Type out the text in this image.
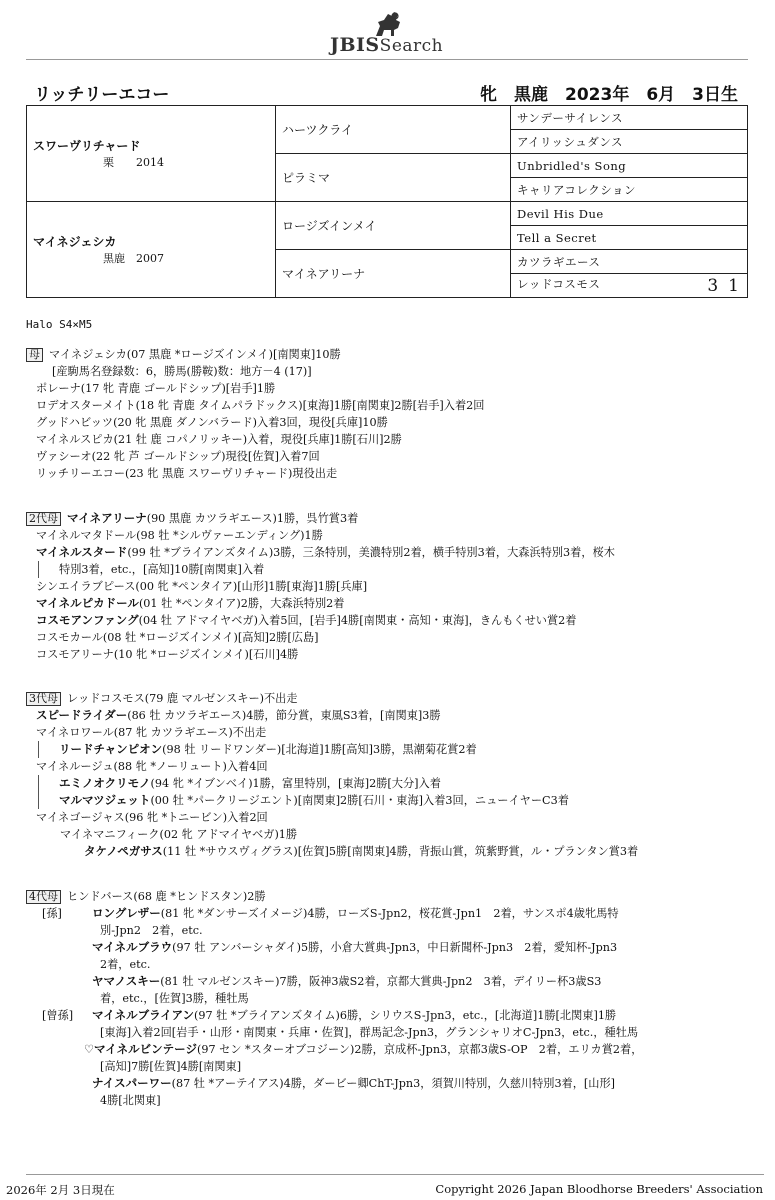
JBISSearch
リッチリーエコー	牝　黒鹿　2023年　6月　3日生
スワーヴリチャード
栗　　2014	ハーツクライ	サンデーサイレンス
		アイリッシュダンス
	ピラミマ	Unbridled's Song
		キャリアコレクション

マイネジェシカ
黒鹿　2007	ロージズインメイ	Devil His Due
		Tell a Secret
	マイネアリーナ	カツラギエース
		レッドコスモス 31
Halo S4×M5
母 マイネジェシカ(07 黒鹿 *ロージズインメイ)[南関東]10勝
[産駒馬名登録数：6，勝馬(勝鞍)数：地方－4 (17)]
ポレーナ(17 牝 青鹿 ゴールドシップ)[岩手]1勝
ロデオスターメイト(18 牝 青鹿 タイムパラドックス)[東海]1勝[南関東]2勝[岩手]入着2回
グッドハビッツ(20 牝 黒鹿 ダノンバラード)入着3回，現役[兵庫]10勝
マイネルスピカ(21 牡 鹿 コパノリッキー)入着，現役[兵庫]1勝[石川]2勝
ヴァシーオ(22 牝 芦 ゴールドシップ)現役[佐賀]入着7回
リッチリーエコー(23 牝 黒鹿 スワーヴリチャード)現役出走
2代母 マイネアリーナ(90 黒鹿 カツラギエース)1勝，呉竹賞3着
マイネルマタドール(98 牡 *シルヴァーエンディング)1勝
マイネルスタード(99 牡 *ブライアンズタイム)3勝，三条特別，美濃特別2着，横手特別3着，大森浜特別3着，桜木
特別3着，etc.，[高知]10勝[南関東]入着
シンエイラブピース(00 牝 *ペンタイア)[山形]1勝[東海]1勝[兵庫]
マイネルピカドール(01 牡 *ペンタイア)2勝，大森浜特別2着
コスモアンファング(04 牡 アドマイヤベガ)入着5回，[岩手]4勝[南関東・高知・東海]，きんもくせい賞2着
コスモカール(08 牡 *ロージズインメイ)[高知]2勝[広島]
コスモアリーナ(10 牝 *ロージズインメイ)[石川]4勝
3代母 レッドコスモス(79 鹿 マルゼンスキー)不出走
スピードライダー(86 牡 カツラギエース)4勝，節分賞，東風S3着，[南関東]3勝
マイネロワール(87 牝 カツラギエース)不出走
リードチャンピオン(98 牡 リードワンダー)[北海道]1勝[高知]3勝，黒潮菊花賞2着
マイネルージュ(88 牝 *ノーリュート)入着4回
エミノオクリモノ(94 牝 *イブンベイ)1勝，富里特別，[東海]2勝[大分]入着
マルマツジェット(00 牡 *パークリージエント)[南関東]2勝[石川・東海]入着3回，ニューイヤーC3着
マイネゴージャス(96 牝 *トニービン)入着2回
マイネマニフィーク(02 牝 アドマイヤベガ)1勝
タケノペガサス(11 牡 *サウスヴィグラス)[佐賀]5勝[南関東]4勝，背振山賞，筑紫野賞，ル・プランタン賞3着
4代母 ヒンドバース(68 鹿 *ヒンドスタン)2勝
[孫]	ロングレザー(81 牝 *ダンサーズイメージ)4勝，ローズS-Jpn2，桜花賞-Jpn1　2着，サンスポ4歳牝馬特
別-Jpn2　2着，etc.
マイネルブラウ(97 牡 アンバーシャダイ)5勝，小倉大賞典-Jpn3，中日新聞杯-Jpn3　2着，愛知杯-Jpn3
2着，etc.
ヤマノスキー(81 牡 マルゼンスキー)7勝，阪神3歳S2着，京都大賞典-Jpn2　3着，デイリー杯3歳S3
着，etc.，[佐賀]3勝，種牡馬
[曾孫] マイネルブライアン(97 牡 *ブライアンズタイム)6勝，シリウスS-Jpn3，etc.，[北海道]1勝[北関東]1勝
[東海]入着2回[岩手・山形・南関東・兵庫・佐賀]，群馬記念-Jpn3，グランシャリオC-Jpn3，etc.，種牡馬
♡マイネルビンテージ(97 セン *スターオブコジーン)2勝，京成杯-Jpn3，京都3歳S-OP　2着，エリカ賞2着，
[高知]7勝[佐賀]4勝[南関東]
ナイスパーワー(87 牡 *アーテイアス)4勝，ダービー卿ChT-Jpn3，須賀川特別，久慈川特別3着，[山形]
4勝[北関東]
2026年 2月 3日現在	Copyright 2026 Japan Bloodhorse Breeders' Association
